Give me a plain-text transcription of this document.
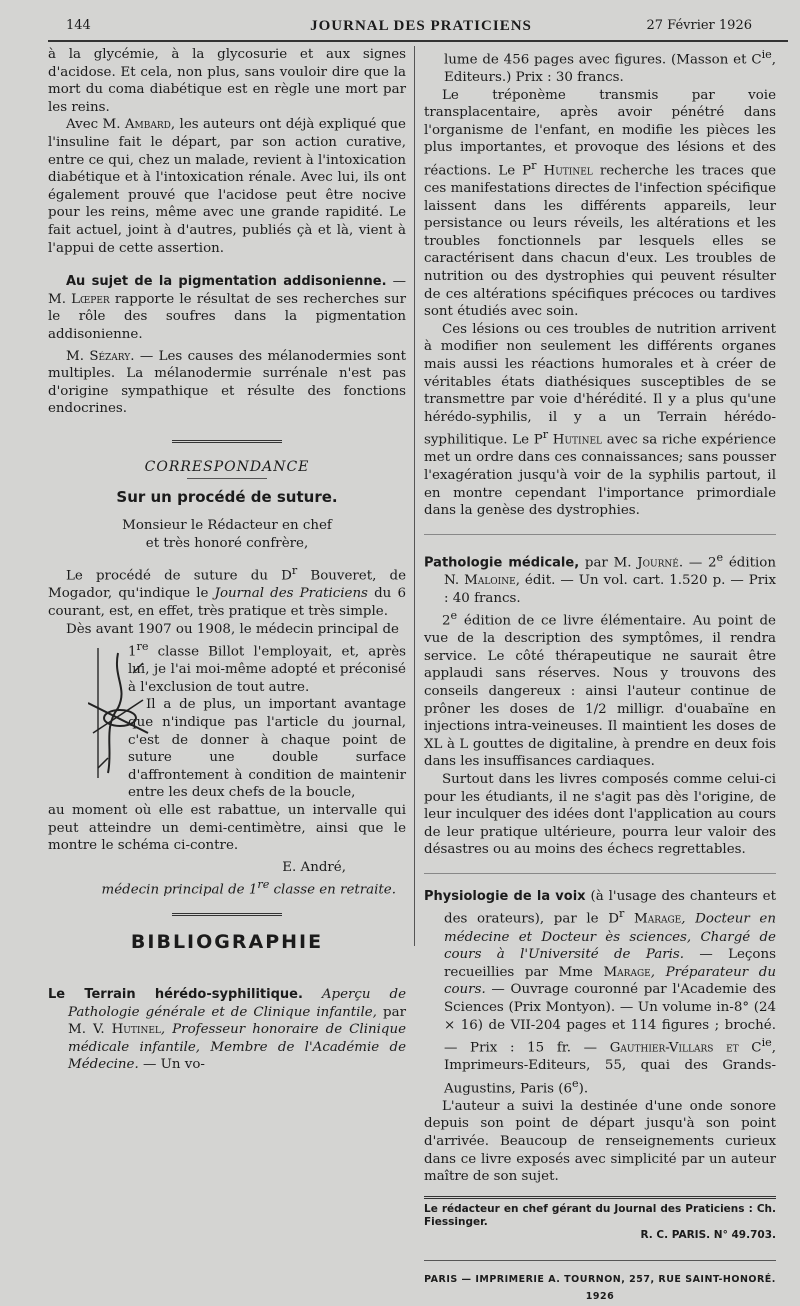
144	JOURNAL DES PRATICIENS	27 Février 1926

à la glycémie, à la glycosurie et aux signes d'acidose. Et cela, non plus, sans vouloir dire que la mort du coma diabétique est en règle une mort par les reins.

Avec M. Ambard, les auteurs ont déjà expliqué que l'insuline fait le départ, par son action curative, entre ce qui, chez un malade, revient à l'intoxication diabétique et à l'intoxication rénale. Avec lui, ils ont également prouvé que l'acidose peut être nocive pour les reins, même avec une grande rapidité. Le fait actuel, joint à d'autres, publiés çà et là, vient à l'appui de cette assertion.

Au sujet de la pigmentation addisonienne. — M. Lœper rapporte le résultat de ses recherches sur le rôle des soufres dans la pigmentation addisonienne.

M. Sézary. — Les causes des mélanodermies sont multiples. La mélanodermie surrénale n'est pas d'origine sympathique et résulte des fonctions endocrines.

CORRESPONDANCE
Sur un procédé de suture.
Monsieur le Rédacteur en chef
et très honoré confrère,

Le procédé de suture du $D^r$ Bouveret, de Mogador, qu'indique le Journal des Praticiens du 6 courant, est, en effet, très pratique et très simple.

Dès avant 1907 ou 1908, le médecin principal de

1re classe Billot l'employait, et, après lui, je l'ai moi-même adopté et préconisé à l'exclusion de tout autre.

Il a de plus, un important avantage que n'indique pas l'article du journal, c'est de donner à chaque point de suture une double surface d'affrontement à condition de maintenir entre les deux chefs de la boucle,

au moment où elle est rabattue, un intervalle qui peut atteindre un demi-centimètre, ainsi que le montre le schéma ci-contre.

E. André,
médecin principal de 1re classe en retraite.
BIBLIOGRAPHIE

Le Terrain hérédo-syphilitique. Aperçu de Pathologie générale et de Clinique infantile, par M. V. Hutinel, Professeur honoraire de Clinique médicale infantile, Membre de l'Académie de Médecine. — Un vo-

lume de 456 pages avec figures. (Masson et $C^{ie}$, Editeurs.) Prix : 30 francs.

Le tréponème transmis par voie transplacentaire, après avoir pénétré dans l'organisme de l'enfant, en modifie les pièces les plus importantes, et provoque des lésions et des réactions. Le $P^r$ Hutinel recherche les traces que ces manifestations directes de l'infection spécifique laissent dans les différents appareils, leur persistance ou leurs réveils, les altérations et les troubles fonctionnels par lesquels elles se caractérisent dans chacun d'eux. Les troubles de nutrition ou des dystrophies qui peuvent résulter de ces altérations spécifiques précoces ou tardives sont étudiés avec soin.

Ces lésions ou ces troubles de nutrition arrivent à modifier non seulement les différents organes mais aussi les réactions humorales et à créer de véritables états diathésiques susceptibles de se transmettre par voie d'hérédité. Il y a plus qu'une hérédo-syphilis, il y a un Terrain hérédo-syphilitique. Le $P^r$ Hutinel avec sa riche expérience met un ordre dans ces connaissances; sans pousser l'exagération jusqu'à voir de la syphilis partout, il en montre cependant l'importance primordiale dans la genèse des dystrophies.

Pathologie médicale, par M. Journé. — 2e édition N. Maloine, édit. — Un vol. cart. 1.520 p. — Prix : 40 francs.

2e édition de ce livre élémentaire. Au point de vue de la description des symptômes, il rendra service. Le côté thérapeutique ne saurait être applaudi sans réserves. Nous y trouvons des conseils dangereux : ainsi l'auteur continue de prôner les doses de 1/2 milligr. d'ouabaïne en injections intra-veineuses. Il maintient les doses de XL à L gouttes de digitaline, à prendre en deux fois dans les insuffisances cardiaques.

Surtout dans les livres composés comme celui-ci pour les étudiants, il ne s'agit pas dès l'origine, de leur inculquer des idées dont l'application au cours de leur pratique ultérieure, pourra leur valoir des désastres ou au moins des échecs regrettables.

Physiologie de la voix (à l'usage des chanteurs et des orateurs), par le $D^r$ Marage, Docteur en médecine et Docteur ès sciences, Chargé de cours à l'Université de Paris. — Leçons recueillies par Mme Marage, Préparateur du cours. — Ouvrage couronné par l'Academie des Sciences (Prix Montyon). — Un volume in-8° (24 × 16) de VII-204 pages et 114 figures ; broché. — Prix : 15 fr. — Gauthier-Villars et $C^{ie}$, Imprimeurs-Editeurs, 55, quai des Grands-Augustins, Paris (6e).

L'auteur a suivi la destinée d'une onde sonore depuis son point de départ jusqu'à son point d'arrivée. Beaucoup de renseignements curieux dans ce livre exposés avec simplicité par un auteur maître de son sujet.

Le rédacteur en chef gérant du Journal des Praticiens : Ch. Fiessinger.
R. C. PARIS. N° 49.703.
PARIS — IMPRIMERIE A. TOURNON, 257, RUE SAINT-HONORÉ. 1926
